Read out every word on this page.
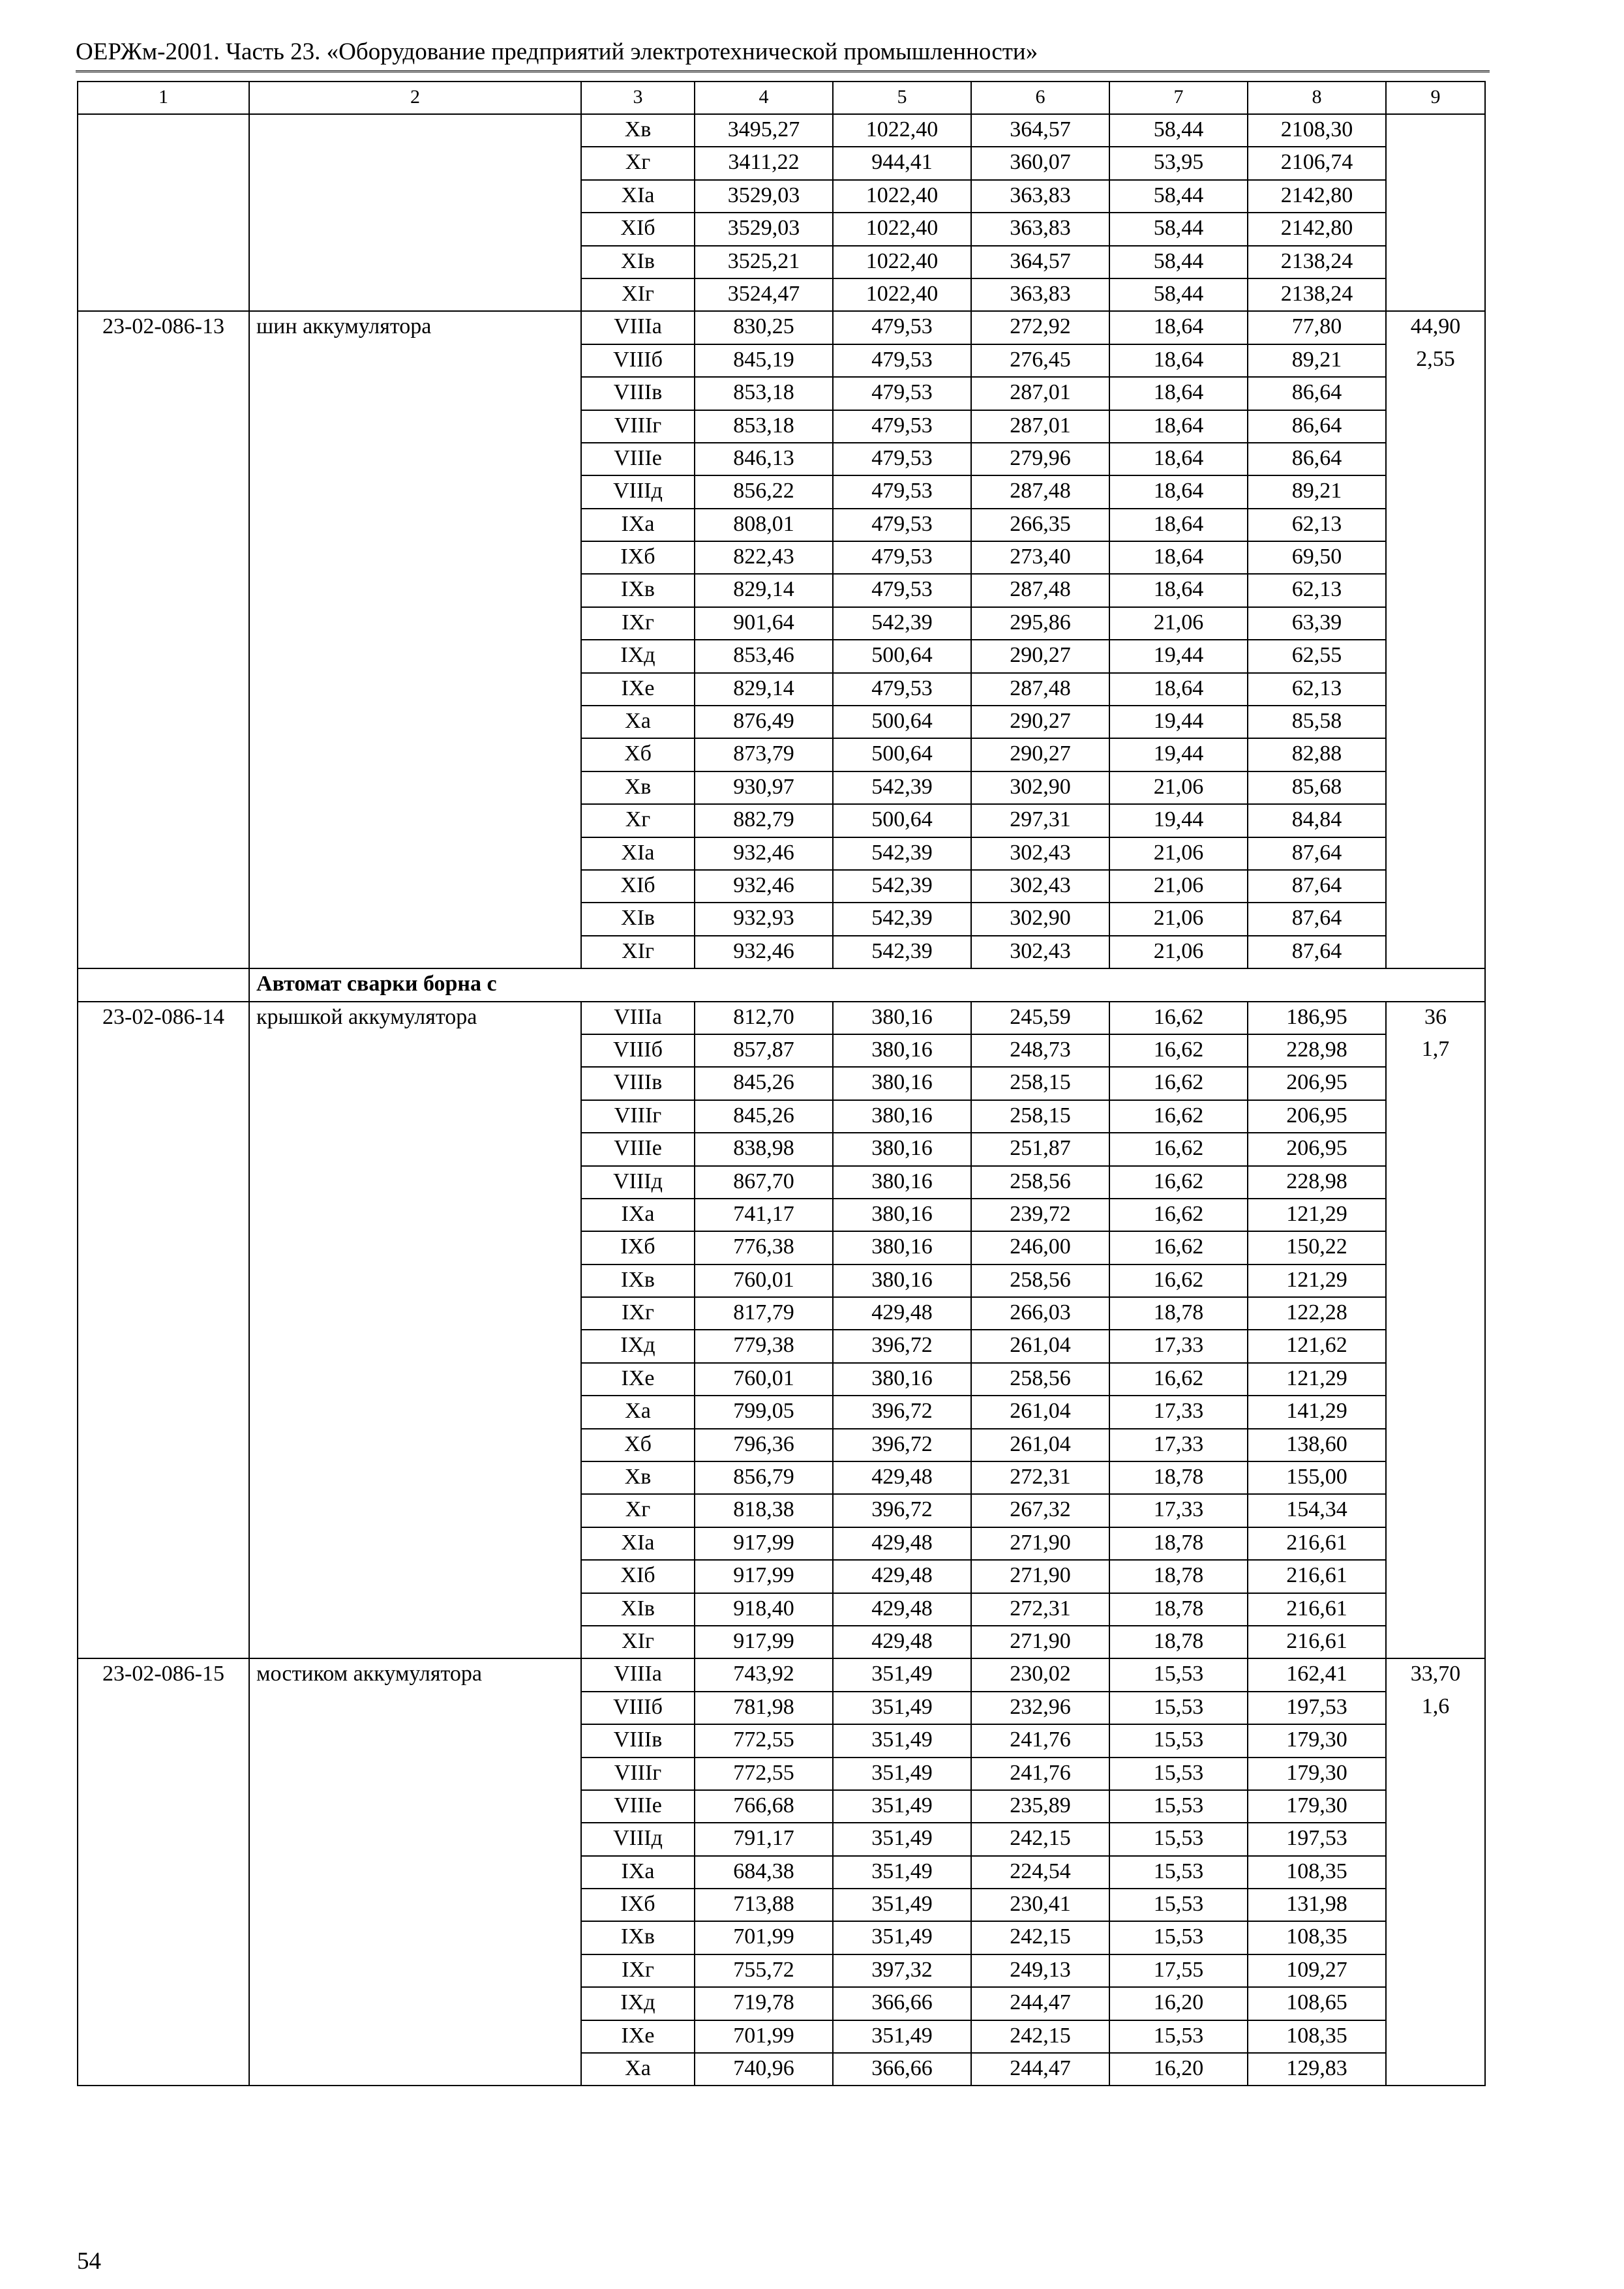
ОЕРЖм-2001. Часть 23. «Оборудование предприятий электротехнической промышленности»
1	2	3	4	5	6	7	8	9
		Xв	3495,27	1022,40	364,57	58,44	2108,30	
		Xг	3411,22	944,41	360,07	53,95	2106,74	
		XIа	3529,03	1022,40	363,83	58,44	2142,80	
		XIб	3529,03	1022,40	363,83	58,44	2142,80	
		XIв	3525,21	1022,40	364,57	58,44	2138,24	
		XIг	3524,47	1022,40	363,83	58,44	2138,24	
23-02-086-13	шин аккумулятора	VIIIа	830,25	479,53	272,92	18,64	77,80	44,90
		VIIIб	845,19	479,53	276,45	18,64	89,21	2,55
		VIIIв	853,18	479,53	287,01	18,64	86,64	
		VIIIг	853,18	479,53	287,01	18,64	86,64	
		VIIIе	846,13	479,53	279,96	18,64	86,64	
		VIIIд	856,22	479,53	287,48	18,64	89,21	
		IXа	808,01	479,53	266,35	18,64	62,13	
		IXб	822,43	479,53	273,40	18,64	69,50	
		IXв	829,14	479,53	287,48	18,64	62,13	
		IXг	901,64	542,39	295,86	21,06	63,39	
		IXд	853,46	500,64	290,27	19,44	62,55	
		IXе	829,14	479,53	287,48	18,64	62,13	
		Xа	876,49	500,64	290,27	19,44	85,58	
		Xб	873,79	500,64	290,27	19,44	82,88	
		Xв	930,97	542,39	302,90	21,06	85,68	
		Xг	882,79	500,64	297,31	19,44	84,84	
		XIа	932,46	542,39	302,43	21,06	87,64	
		XIб	932,46	542,39	302,43	21,06	87,64	
		XIв	932,93	542,39	302,90	21,06	87,64	
		XIг	932,46	542,39	302,43	21,06	87,64	
	Автомат сварки борна с							
23-02-086-14	крышкой аккумулятора	VIIIа	812,70	380,16	245,59	16,62	186,95	36
		VIIIб	857,87	380,16	248,73	16,62	228,98	1,7
		VIIIв	845,26	380,16	258,15	16,62	206,95	
		VIIIг	845,26	380,16	258,15	16,62	206,95	
		VIIIе	838,98	380,16	251,87	16,62	206,95	
		VIIIд	867,70	380,16	258,56	16,62	228,98	
		IXа	741,17	380,16	239,72	16,62	121,29	
		IXб	776,38	380,16	246,00	16,62	150,22	
		IXв	760,01	380,16	258,56	16,62	121,29	
		IXг	817,79	429,48	266,03	18,78	122,28	
		IXд	779,38	396,72	261,04	17,33	121,62	
		IXе	760,01	380,16	258,56	16,62	121,29	
		Xа	799,05	396,72	261,04	17,33	141,29	
		Xб	796,36	396,72	261,04	17,33	138,60	
		Xв	856,79	429,48	272,31	18,78	155,00	
		Xг	818,38	396,72	267,32	17,33	154,34	
		XIа	917,99	429,48	271,90	18,78	216,61	
		XIб	917,99	429,48	271,90	18,78	216,61	
		XIв	918,40	429,48	272,31	18,78	216,61	
		XIг	917,99	429,48	271,90	18,78	216,61	
23-02-086-15	мостиком аккумулятора	VIIIа	743,92	351,49	230,02	15,53	162,41	33,70
		VIIIб	781,98	351,49	232,96	15,53	197,53	1,6
		VIIIв	772,55	351,49	241,76	15,53	179,30	
		VIIIг	772,55	351,49	241,76	15,53	179,30	
		VIIIе	766,68	351,49	235,89	15,53	179,30	
		VIIIд	791,17	351,49	242,15	15,53	197,53	
		IXа	684,38	351,49	224,54	15,53	108,35	
		IXб	713,88	351,49	230,41	15,53	131,98	
		IXв	701,99	351,49	242,15	15,53	108,35	
		IXг	755,72	397,32	249,13	17,55	109,27	
		IXд	719,78	366,66	244,47	16,20	108,65	
		IXе	701,99	351,49	242,15	15,53	108,35	
		Xа	740,96	366,66	244,47	16,20	129,83	
54
